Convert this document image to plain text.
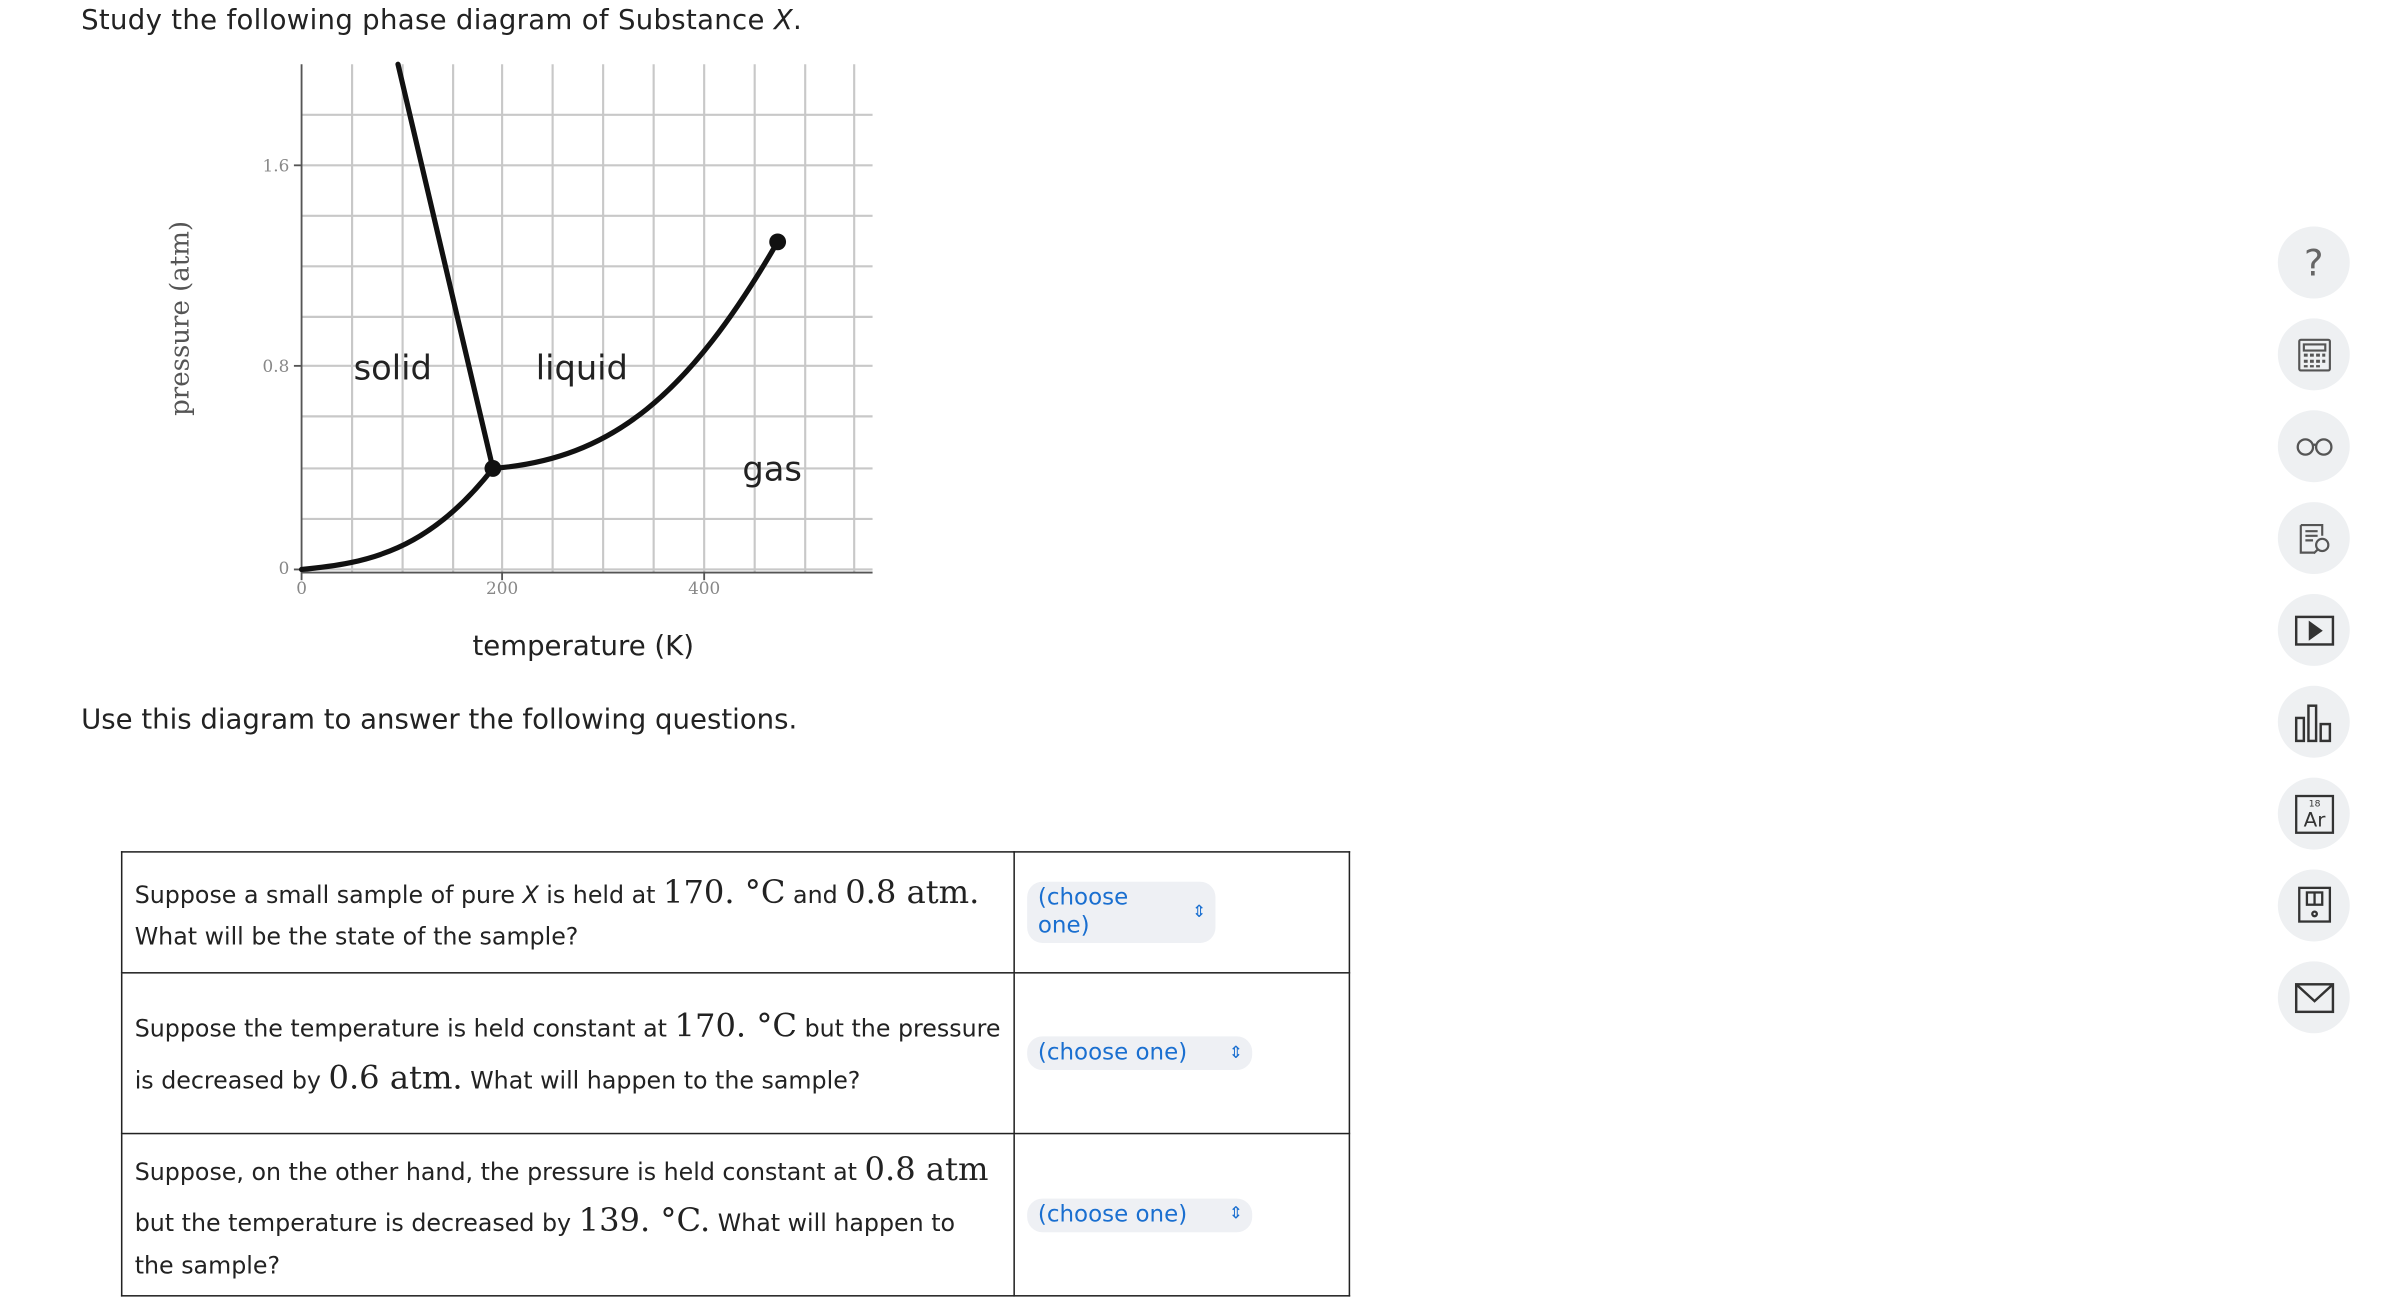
Study the following phase diagram of Substance X.
1.6
0.8
0
0	200	400
pressure (atm)
temperature (K)
solid	liquid
gas
Use this diagram to answer the following questions.
Suppose a small sample of pure X is held at 170. °C and 0.8 atm.
What will be the state of the sample?	(choose one) ⇕

Suppose the temperature is held constant at 170. °C but the pressure is decreased by 0.6 atm. What will happen to the sample?	(choose one) ⇕

Suppose, on the other hand, the pressure is held constant at 0.8 atm but the temperature is decreased by 139. °C. What will happen to the sample?	(choose one) ⇕
?
18
Ar
